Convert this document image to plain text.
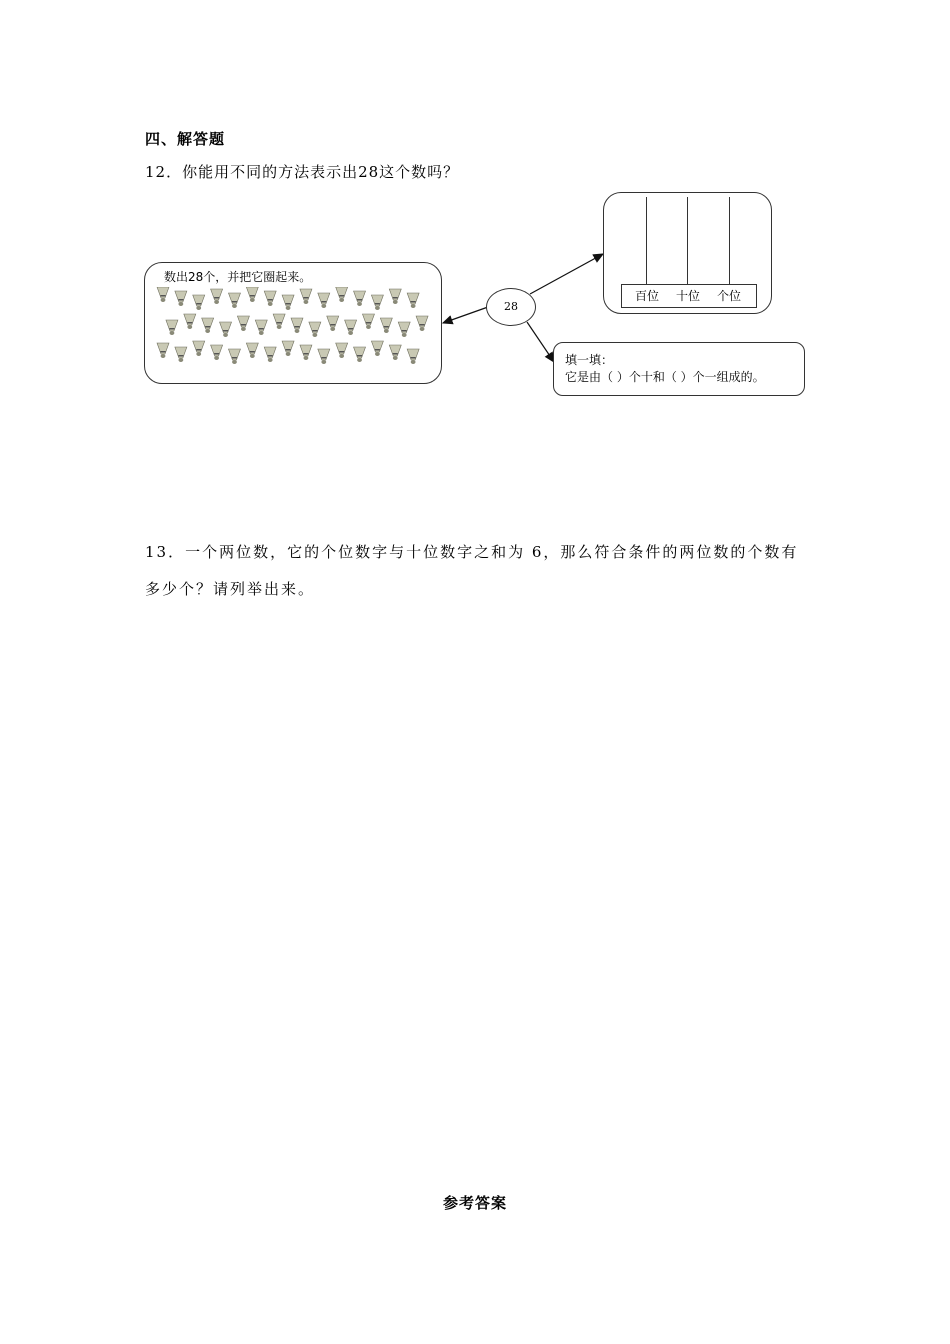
四、解答题
12．你能用不同的方法表示出28这个数吗？
数出28个，并把它圈起来。
28
百位 十位 个位
填一填：
它是由（ ）个十和（ ）个一组成的。
13．一个两位数，它的个位数字与十位数字之和为 6，那么符合条件的两位数的个数有多少个？请列举出来。
参考答案
